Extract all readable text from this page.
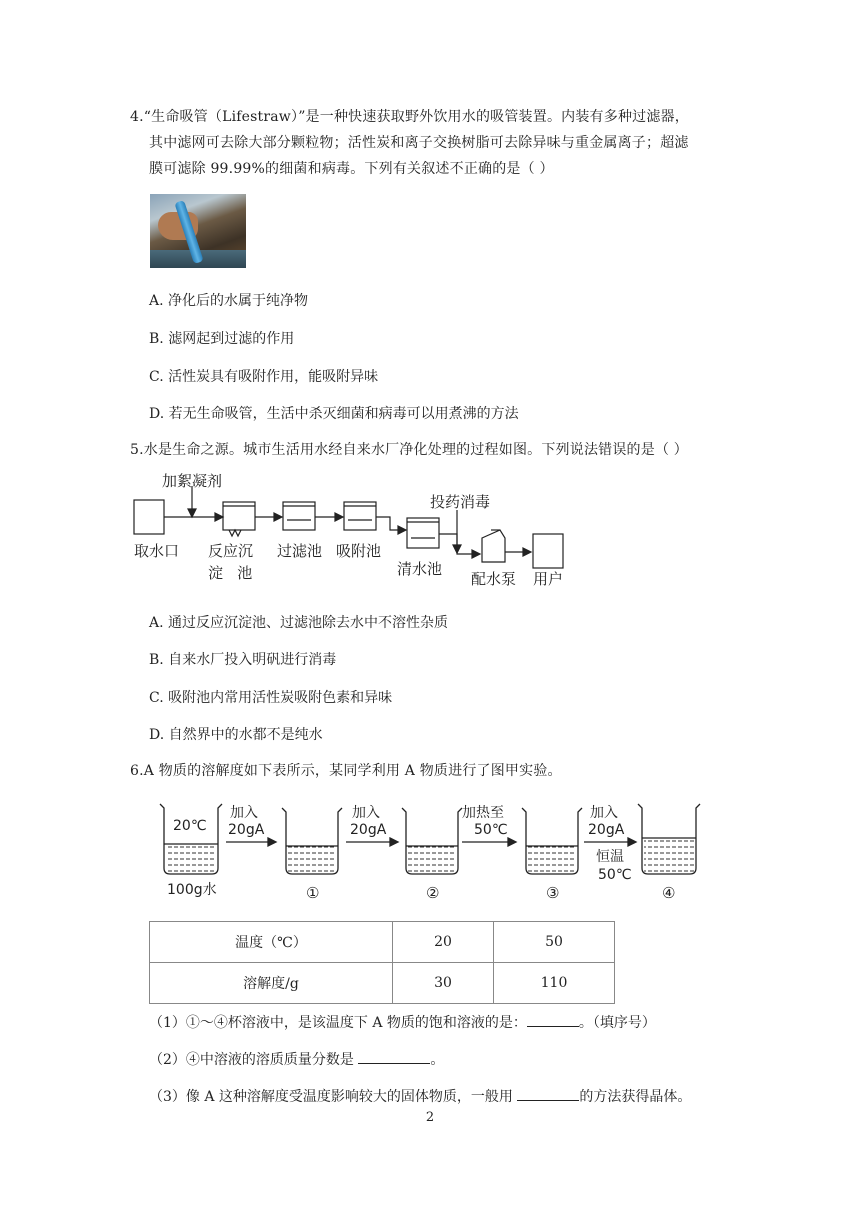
4.“生命吸管（Lifestraw）”是一种快速获取野外饮用水的吸管装置。内装有多种过滤器，
其中滤网可去除大部分颗粒物；活性炭和离子交换树脂可去除异味与重金属离子；超滤
膜可滤除 99.99%的细菌和病毒。下列有关叙述不正确的是（ ）
A. 净化后的水属于纯净物
B. 滤网起到过滤的作用
C. 活性炭具有吸附作用，能吸附异味
D. 若无生命吸管，生活中杀灭细菌和病毒可以用煮沸的方法
5.水是生命之源。城市生活用水经自来水厂净化处理的过程如图。下列说法错误的是（ ）
加絮凝剂
投药消毒
取水口 反应沉
淀   池
过滤池 吸附池
清水池
配水泵 用户
A. 通过反应沉淀池、过滤池除去水中不溶性杂质
B. 自来水厂投入明矾进行消毒
C. 吸附池内常用活性炭吸附色素和异味
D. 自然界中的水都不是纯水
6.A 物质的溶解度如下表所示，某同学利用 A 物质进行了图甲实验。
20℃
100g水
加入
20gA
①
加入
20gA
②
加热至
50℃
③
加入
20gA
恒温
50℃
④
温度（℃）	20	50
溶解度/g	30	110
（1）①～④杯溶液中，是该温度下 A 物质的饱和溶液的是：	。（填序号）
（2）④中溶液的溶质质量分数是	。
（3）像 A 这种溶解度受温度影响较大的固体物质，一般用	的方法获得晶体。
2
